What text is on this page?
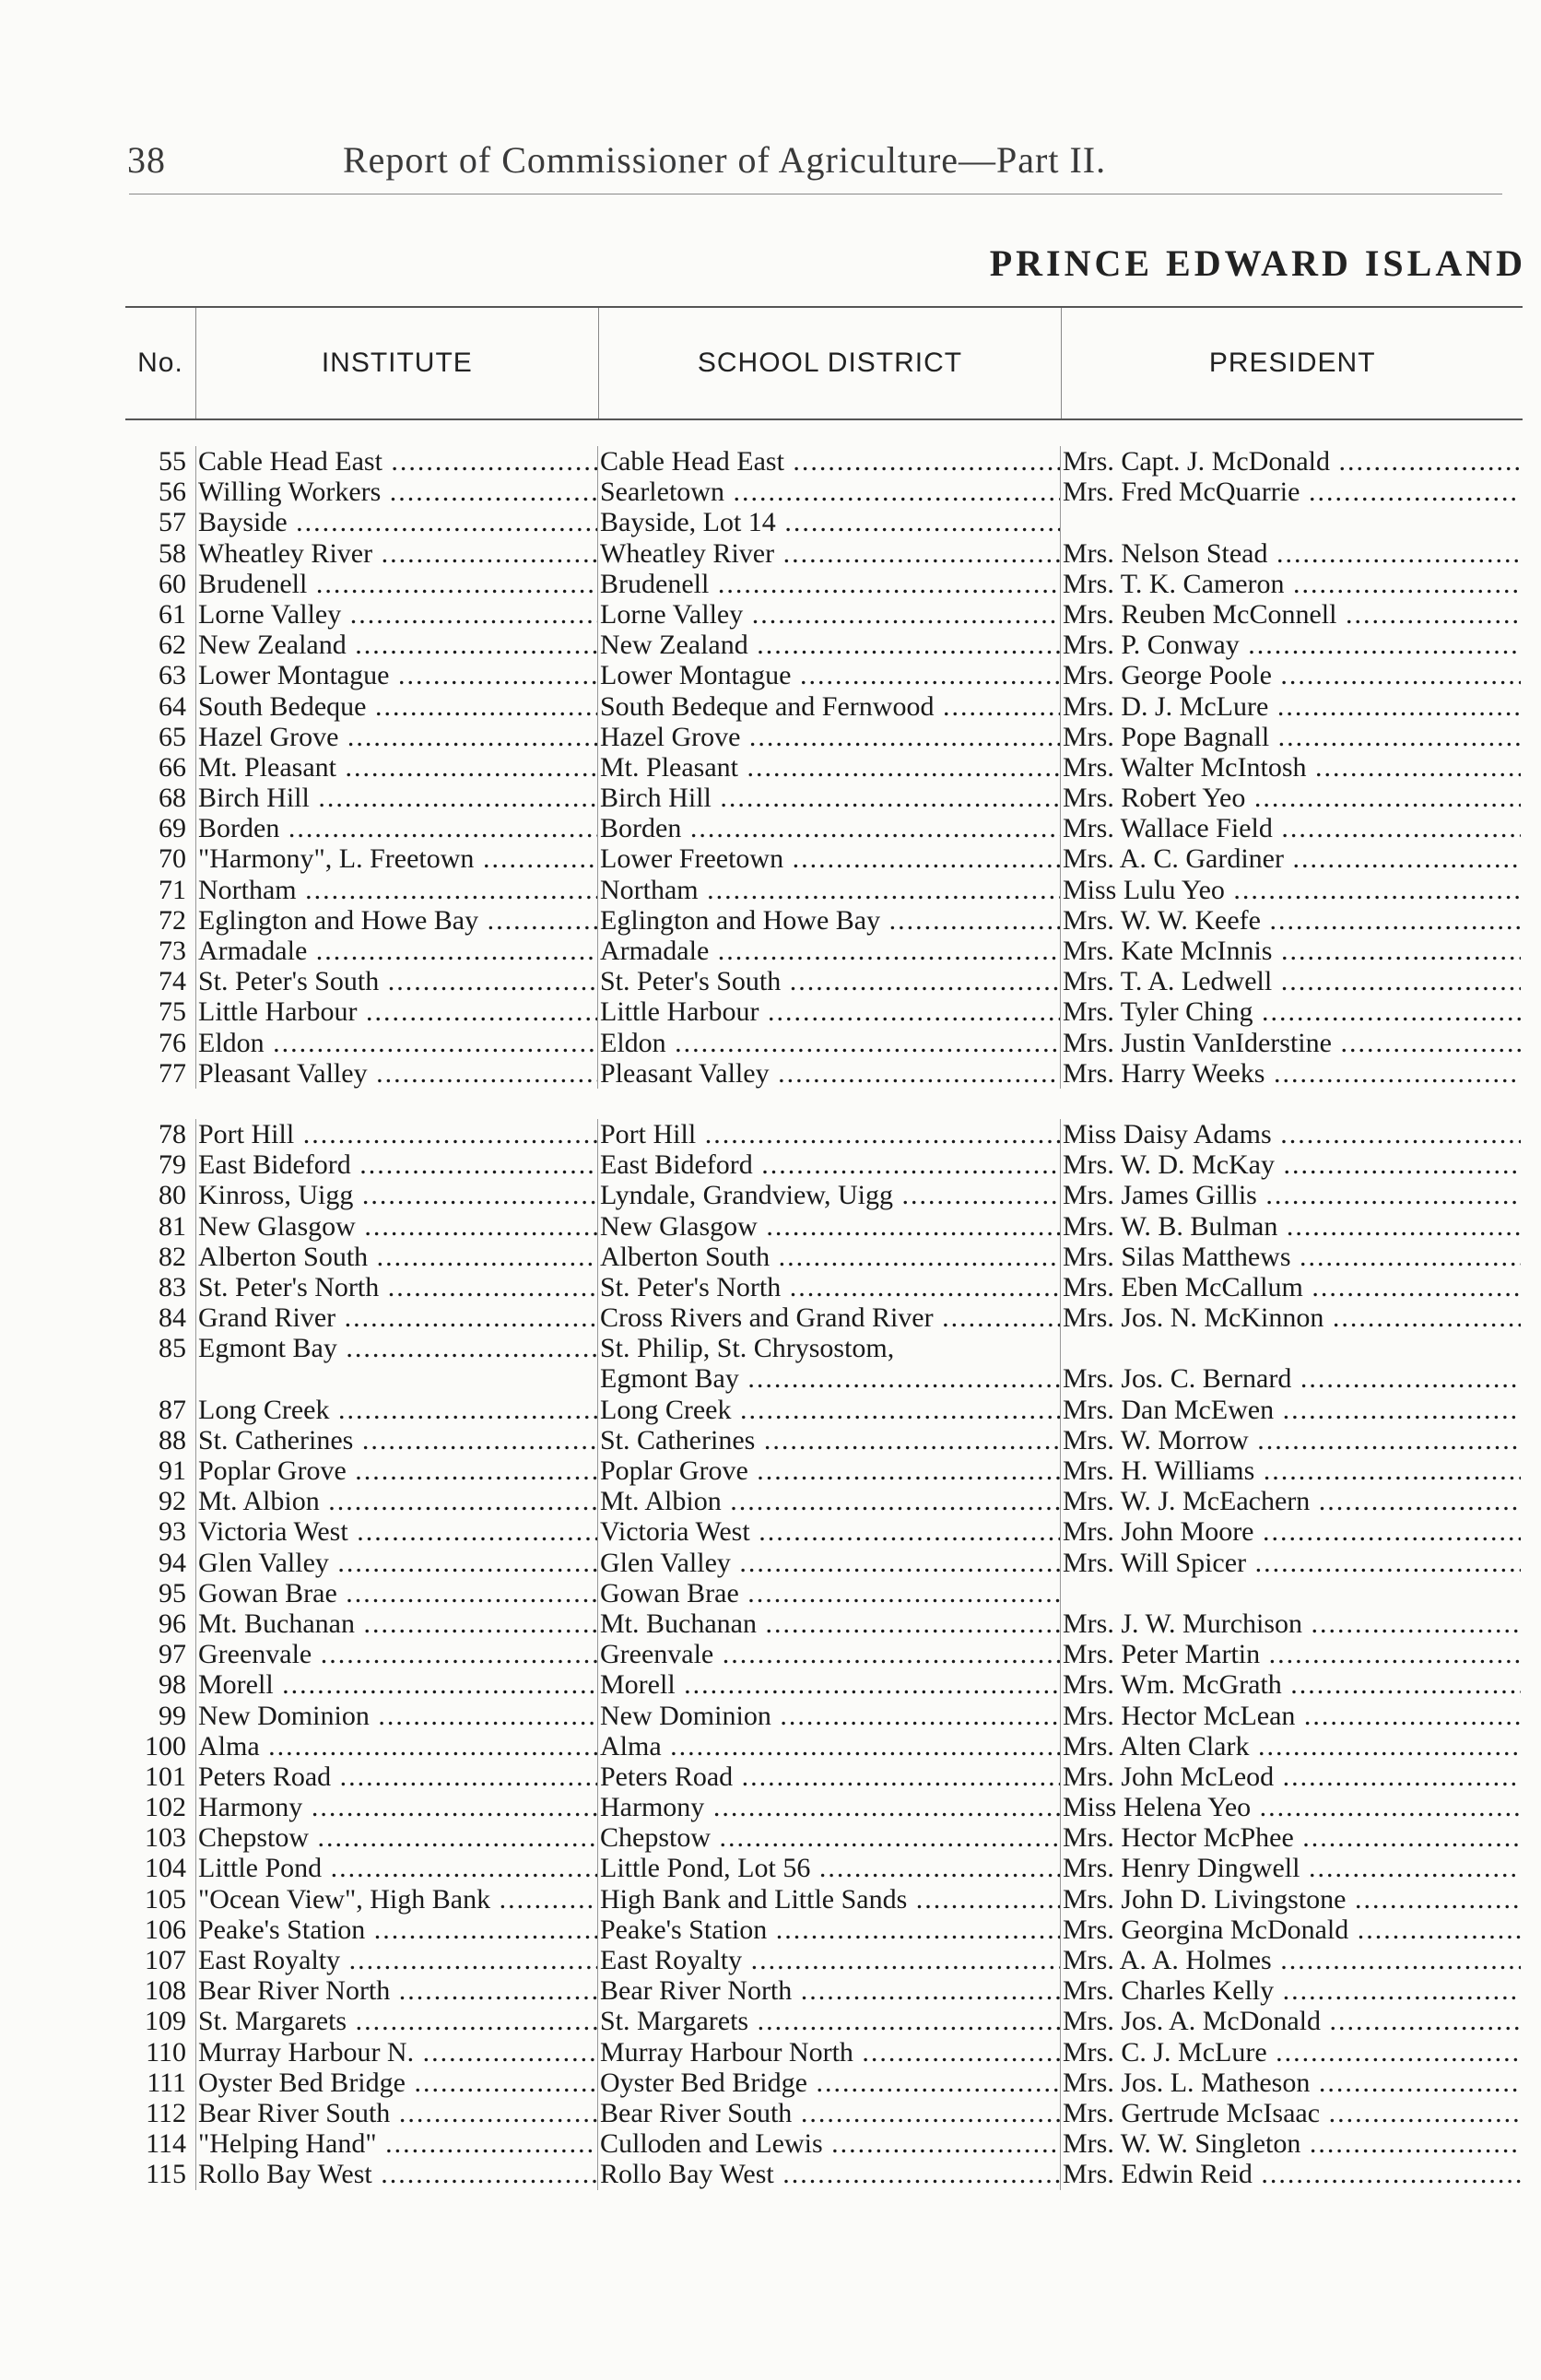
38	Report of Commissioner of Agriculture—Part II.
PRINCE EDWARD ISLAND
No.	INSTITUTE	SCHOOL DISTRICT	PRESIDENT
55 Cable Head East .....	Cable Head East .....	Mrs. Capt. J. McDonald .....
56 Willing Workers .....	Searletown .....	Mrs. Fred McQuarrie .....
57 Bayside .....	Bayside, Lot 14 .....
58 Wheatley River .....	Wheatley River .....	Mrs. Nelson Stead .....
60 Brudenell .....	Brudenell .....	Mrs. T. K. Cameron .....
61 Lorne Valley .....	Lorne Valley .....	Mrs. Reuben McConnell .....
62 New Zealand .....	New Zealand .....	Mrs. P. Conway .....
63 Lower Montague .....	Lower Montague .....	Mrs. George Poole .....
64 South Bedeque .....	South Bedeque and Fernwood .....	Mrs. D. J. McLure .....
65 Hazel Grove .....	Hazel Grove .....	Mrs. Pope Bagnall .....
66 Mt. Pleasant .....	Mt. Pleasant .....	Mrs. Walter McIntosh .....
68 Birch Hill .....	Birch Hill .....	Mrs. Robert Yeo .....
69 Borden .....	Borden .....	Mrs. Wallace Field .....
70 "Harmony", L. Freetown .....	Lower Freetown .....	Mrs. A. C. Gardiner .....
71 Northam .....	Northam .....	Miss Lulu Yeo .....
72 Eglington and Howe Bay .....	Eglington and Howe Bay .....	Mrs. W. W. Keefe .....
73 Armadale .....	Armadale .....	Mrs. Kate McInnis .....
74 St. Peter's South .....	St. Peter's South .....	Mrs. T. A. Ledwell .....
75 Little Harbour .....	Little Harbour .....	Mrs. Tyler Ching .....
76 Eldon .....	Eldon .....	Mrs. Justin VanIderstine .....
77 Pleasant Valley .....	Pleasant Valley .....	Mrs. Harry Weeks .....
78 Port Hill .....	Port Hill .....	Miss Daisy Adams .....
79 East Bideford .....	East Bideford .....	Mrs. W. D. McKay .....
80 Kinross, Uigg .....	Lyndale, Grandview, Uigg .....	Mrs. James Gillis .....
81 New Glasgow .....	New Glasgow .....	Mrs. W. B. Bulman .....
82 Alberton South .....	Alberton South .....	Mrs. Silas Matthews .....
83 St. Peter's North .....	St. Peter's North .....	Mrs. Eben McCallum .....
84 Grand River .....	Cross Rivers and Grand River .....	Mrs. Jos. N. McKinnon .....
85 Egmont Bay .....	St. Philip, St. Chrysostom,
Egmont Bay .....	Mrs. Jos. C. Bernard .....
87 Long Creek .....	Long Creek .....	Mrs. Dan McEwen .....
88 St. Catherines .....	St. Catherines .....	Mrs. W. Morrow .....
91 Poplar Grove .....	Poplar Grove .....	Mrs. H. Williams .....
92 Mt. Albion .....	Mt. Albion .....	Mrs. W. J. McEachern .....
93 Victoria West .....	Victoria West .....	Mrs. John Moore .....
94 Glen Valley .....	Glen Valley .....	Mrs. Will Spicer .....
95 Gowan Brae .....	Gowan Brae .....
96 Mt. Buchanan .....	Mt. Buchanan .....	Mrs. J. W. Murchison .....
97 Greenvale .....	Greenvale .....	Mrs. Peter Martin .....
98 Morell .....	Morell .....	Mrs. Wm. McGrath .....
99 New Dominion .....	New Dominion .....	Mrs. Hector McLean .....
100 Alma .....	Alma .....	Mrs. Alten Clark .....
101 Peters Road .....	Peters Road .....	Mrs. John McLeod .....
102 Harmony .....	Harmony .....	Miss Helena Yeo .....
103 Chepstow .....	Chepstow .....	Mrs. Hector McPhee .....
104 Little Pond .....	Little Pond, Lot 56 .....	Mrs. Henry Dingwell .....
105 "Ocean View", High Bank .....	High Bank and Little Sands .....	Mrs. John D. Livingstone .....
106 Peake's Station .....	Peake's Station .....	Mrs. Georgina McDonald .....
107 East Royalty .....	East Royalty .....	Mrs. A. A. Holmes .....
108 Bear River North .....	Bear River North .....	Mrs. Charles Kelly .....
109 St. Margarets .....	St. Margarets .....	Mrs. Jos. A. McDonald .....
110 Murray Harbour N. .....	Murray Harbour North .....	Mrs. C. J. McLure .....
111 Oyster Bed Bridge .....	Oyster Bed Bridge .....	Mrs. Jos. L. Matheson .....
112 Bear River South .....	Bear River South .....	Mrs. Gertrude McIsaac .....
114 "Helping Hand" .....	Culloden and Lewis .....	Mrs. W. W. Singleton .....
115 Rollo Bay West .....	Rollo Bay West .....	Mrs. Edwin Reid .....
